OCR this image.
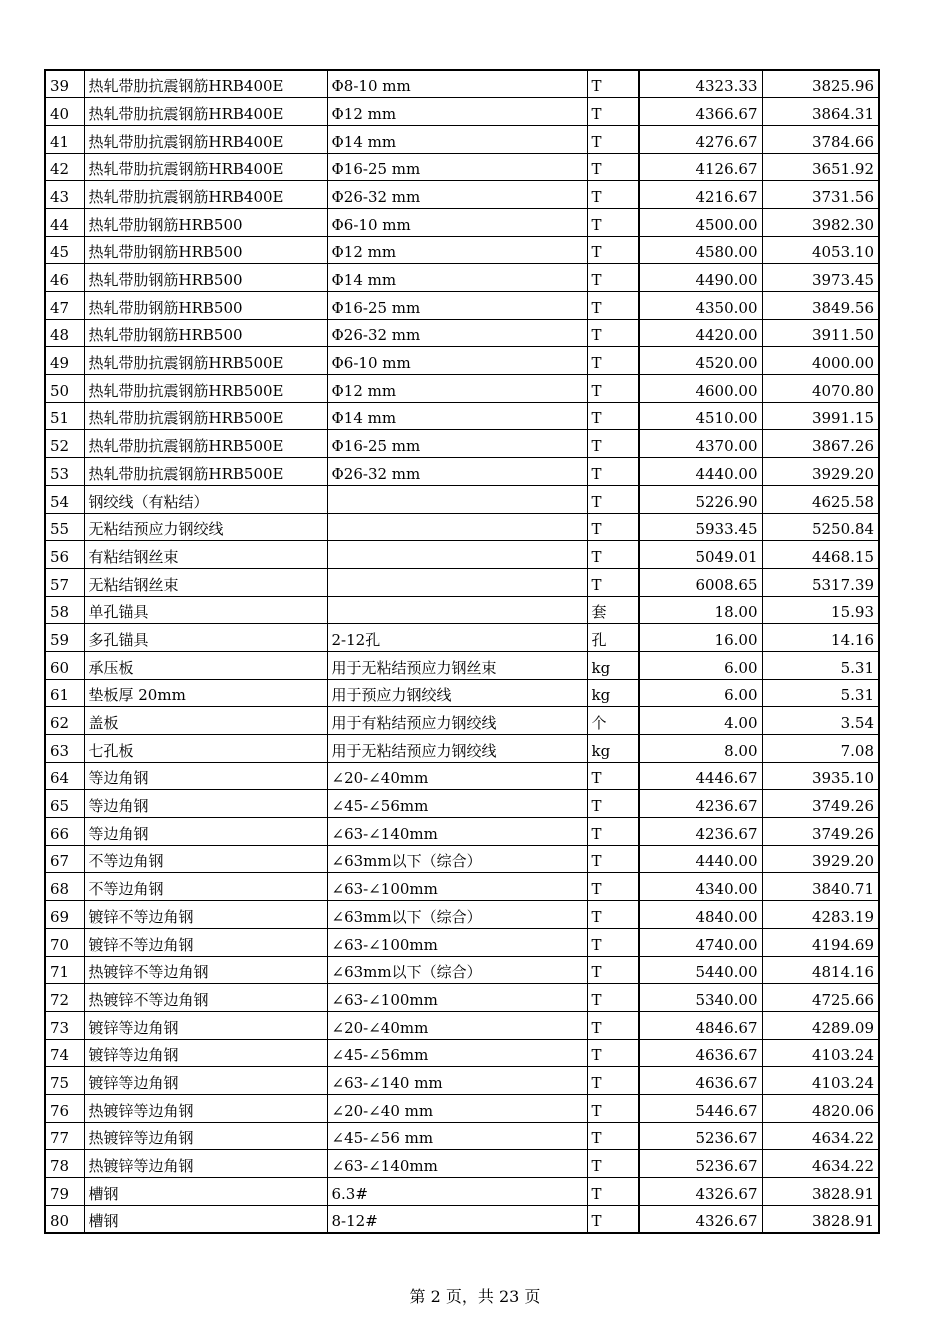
39	热轧带肋抗震钢筋HRB400E	Φ8-10 mm	T	4323.33	3825.96
40	热轧带肋抗震钢筋HRB400E	Φ12 mm	T	4366.67	3864.31
41	热轧带肋抗震钢筋HRB400E	Φ14 mm	T	4276.67	3784.66
42	热轧带肋抗震钢筋HRB400E	Φ16-25 mm	T	4126.67	3651.92
43	热轧带肋抗震钢筋HRB400E	Φ26-32 mm	T	4216.67	3731.56
44	热轧带肋钢筋HRB500	Φ6-10 mm	T	4500.00	3982.30
45	热轧带肋钢筋HRB500	Φ12 mm	T	4580.00	4053.10
46	热轧带肋钢筋HRB500	Φ14 mm	T	4490.00	3973.45
47	热轧带肋钢筋HRB500	Φ16-25 mm	T	4350.00	3849.56
48	热轧带肋钢筋HRB500	Φ26-32 mm	T	4420.00	3911.50
49	热轧带肋抗震钢筋HRB500E	Φ6-10 mm	T	4520.00	4000.00
50	热轧带肋抗震钢筋HRB500E	Φ12 mm	T	4600.00	4070.80
51	热轧带肋抗震钢筋HRB500E	Φ14 mm	T	4510.00	3991.15
52	热轧带肋抗震钢筋HRB500E	Φ16-25 mm	T	4370.00	3867.26
53	热轧带肋抗震钢筋HRB500E	Φ26-32 mm	T	4440.00	3929.20
54	钢绞线（有粘结）		T	5226.90	4625.58
55	无粘结预应力钢绞线		T	5933.45	5250.84
56	有粘结钢丝束		T	5049.01	4468.15
57	无粘结钢丝束		T	6008.65	5317.39
58	单孔锚具		套	18.00	15.93
59	多孔锚具	2-12孔	孔	16.00	14.16
60	承压板	用于无粘结预应力钢丝束	kg	6.00	5.31
61	垫板厚 20mm	用于预应力钢绞线	kg	6.00	5.31
62	盖板	用于有粘结预应力钢绞线	个	4.00	3.54
63	七孔板	用于无粘结预应力钢绞线	kg	8.00	7.08
64	等边角钢	∠20-∠40mm	T	4446.67	3935.10
65	等边角钢	∠45-∠56mm	T	4236.67	3749.26
66	等边角钢	∠63-∠140mm	T	4236.67	3749.26
67	不等边角钢	∠63mm以下（综合）	T	4440.00	3929.20
68	不等边角钢	∠63-∠100mm	T	4340.00	3840.71
69	镀锌不等边角钢	∠63mm以下（综合）	T	4840.00	4283.19
70	镀锌不等边角钢	∠63-∠100mm	T	4740.00	4194.69
71	热镀锌不等边角钢	∠63mm以下（综合）	T	5440.00	4814.16
72	热镀锌不等边角钢	∠63-∠100mm	T	5340.00	4725.66
73	镀锌等边角钢	∠20-∠40mm	T	4846.67	4289.09
74	镀锌等边角钢	∠45-∠56mm	T	4636.67	4103.24
75	镀锌等边角钢	∠63-∠140 mm	T	4636.67	4103.24
76	热镀锌等边角钢	∠20-∠40 mm	T	5446.67	4820.06
77	热镀锌等边角钢	∠45-∠56 mm	T	5236.67	4634.22
78	热镀锌等边角钢	∠63-∠140mm	T	5236.67	4634.22
79	槽钢	6.3#	T	4326.67	3828.91
80	槽钢	8-12#	T	4326.67	3828.91
第 2 页，共 23 页
